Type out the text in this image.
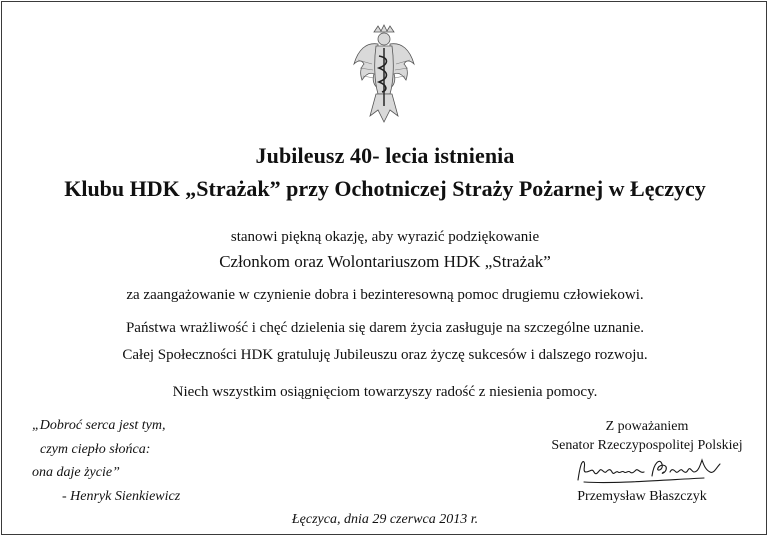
Jubileusz 40- lecia istnienia
Klubu HDK „Strażak” przy Ochotniczej Straży Pożarnej w Łęczycy
stanowi piękną okazję, aby wyrazić podziękowanie
Członkom oraz Wolontariuszom HDK „Strażak”
za zaangażowanie w czynienie dobra i bezinteresowną pomoc drugiemu człowiekowi.
Państwa wrażliwość i chęć dzielenia się darem życia zasługuje na szczególne uznanie.
Całej Społeczności HDK gratuluję Jubileuszu oraz życzę sukcesów i dalszego rozwoju.
Niech wszystkim osiągnięciom towarzyszy radość z niesienia pomocy.
„Dobroć serca jest tym,
czym ciepło słońca:
ona daje życie”
- Henryk Sienkiewicz
Z poważaniem
Senator Rzeczypospolitej Polskiej
Przemysław Błaszczyk
Łęczyca, dnia 29 czerwca 2013 r.
